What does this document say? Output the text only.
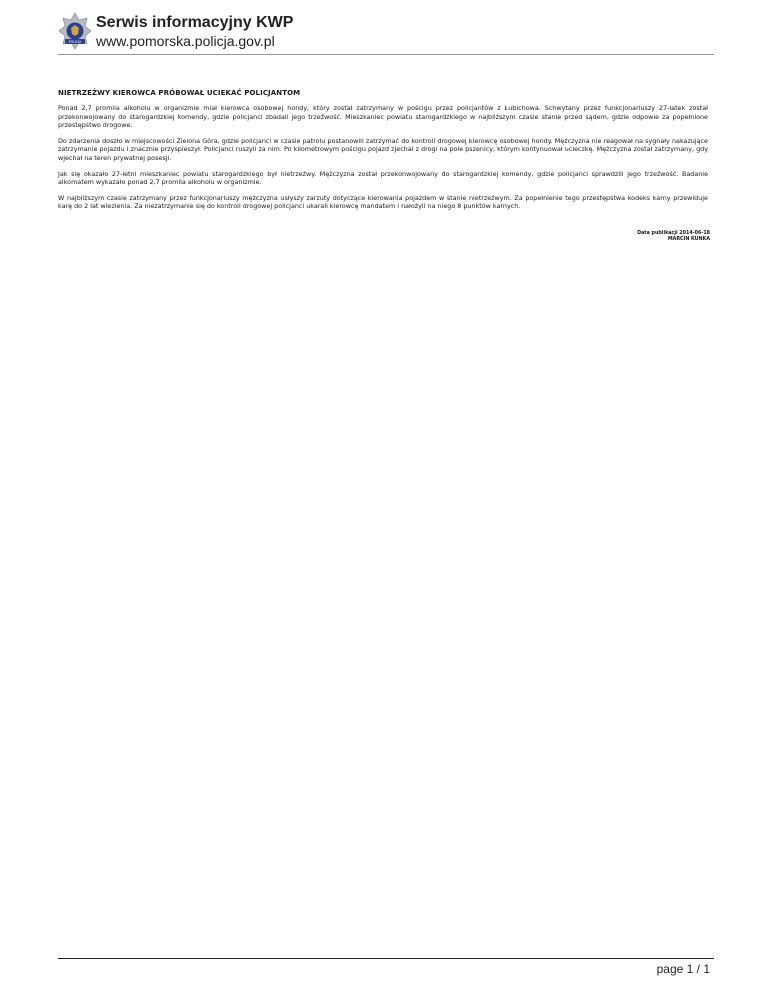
POLICJA
Serwis informacyjny KWP
www.pomorska.policja.gov.pl
NIETRZEŹWY KIEROWCA PRÓBOWAŁ UCIEKAĆ POLICJANTOM

Ponad 2,7 promila alkoholu w organizmie miał kierowca osobowej hondy, który został zatrzymany w pościgu przez policjantów z Łubichowa. Schwytany przez funkcjonariuszy 27-latek został przekonwojowany do starogardzkiej komendy, gdzie policjanci zbadali jego trzeźwość. Mieszkaniec powiatu starogardzkiego w najbliższym czasie stanie przed sądem, gdzie odpowie za popełnione przestępstwo drogowe.

Do zdarzenia doszło w miejscowości Zielona Góra, gdzie policjanci w czasie patrolu postanowili zatrzymać do kontroli drogowej kierowcę osobowej hondy. Mężczyzna nie reagował na sygnały nakazujące zatrzymanie pojazdu i znacznie przyspieszył. Policjanci ruszyli za nim. Po kilometrowym pościgu pojazd zjechał z drogi na pole pszenicy, którym kontynuował ucieczkę. Mężczyzna został zatrzymany, gdy wjechał na teren prywatnej posesji.

Jak się okazało 27-letni mieszkaniec powiatu starogardzkiego był nietrzeźwy. Mężczyzna został przekonwojowany do starogardzkiej komendy, gdzie policjanci sprawdzili jego trzeźwość. Badanie alkomatem wykazało ponad 2,7 promila alkoholu w organizmie.

W najbliższym czasie zatrzymany przez funkcjonariuszy mężczyzna usłyszy zarzuty dotyczące kierowania pojazdem w stanie nietrzeźwym. Za popełnienie tego przestępstwa kodeks karny przewiduje karę do 2 lat wiezienia. Za niezatrzymanie się do kontroli drogowej policjanci ukarali kierowcę mandatem i nałożyli na niego 8 punktów karnych.

Data publikacji 2014-06-18
MARCIN KUNKA
page 1 / 1
